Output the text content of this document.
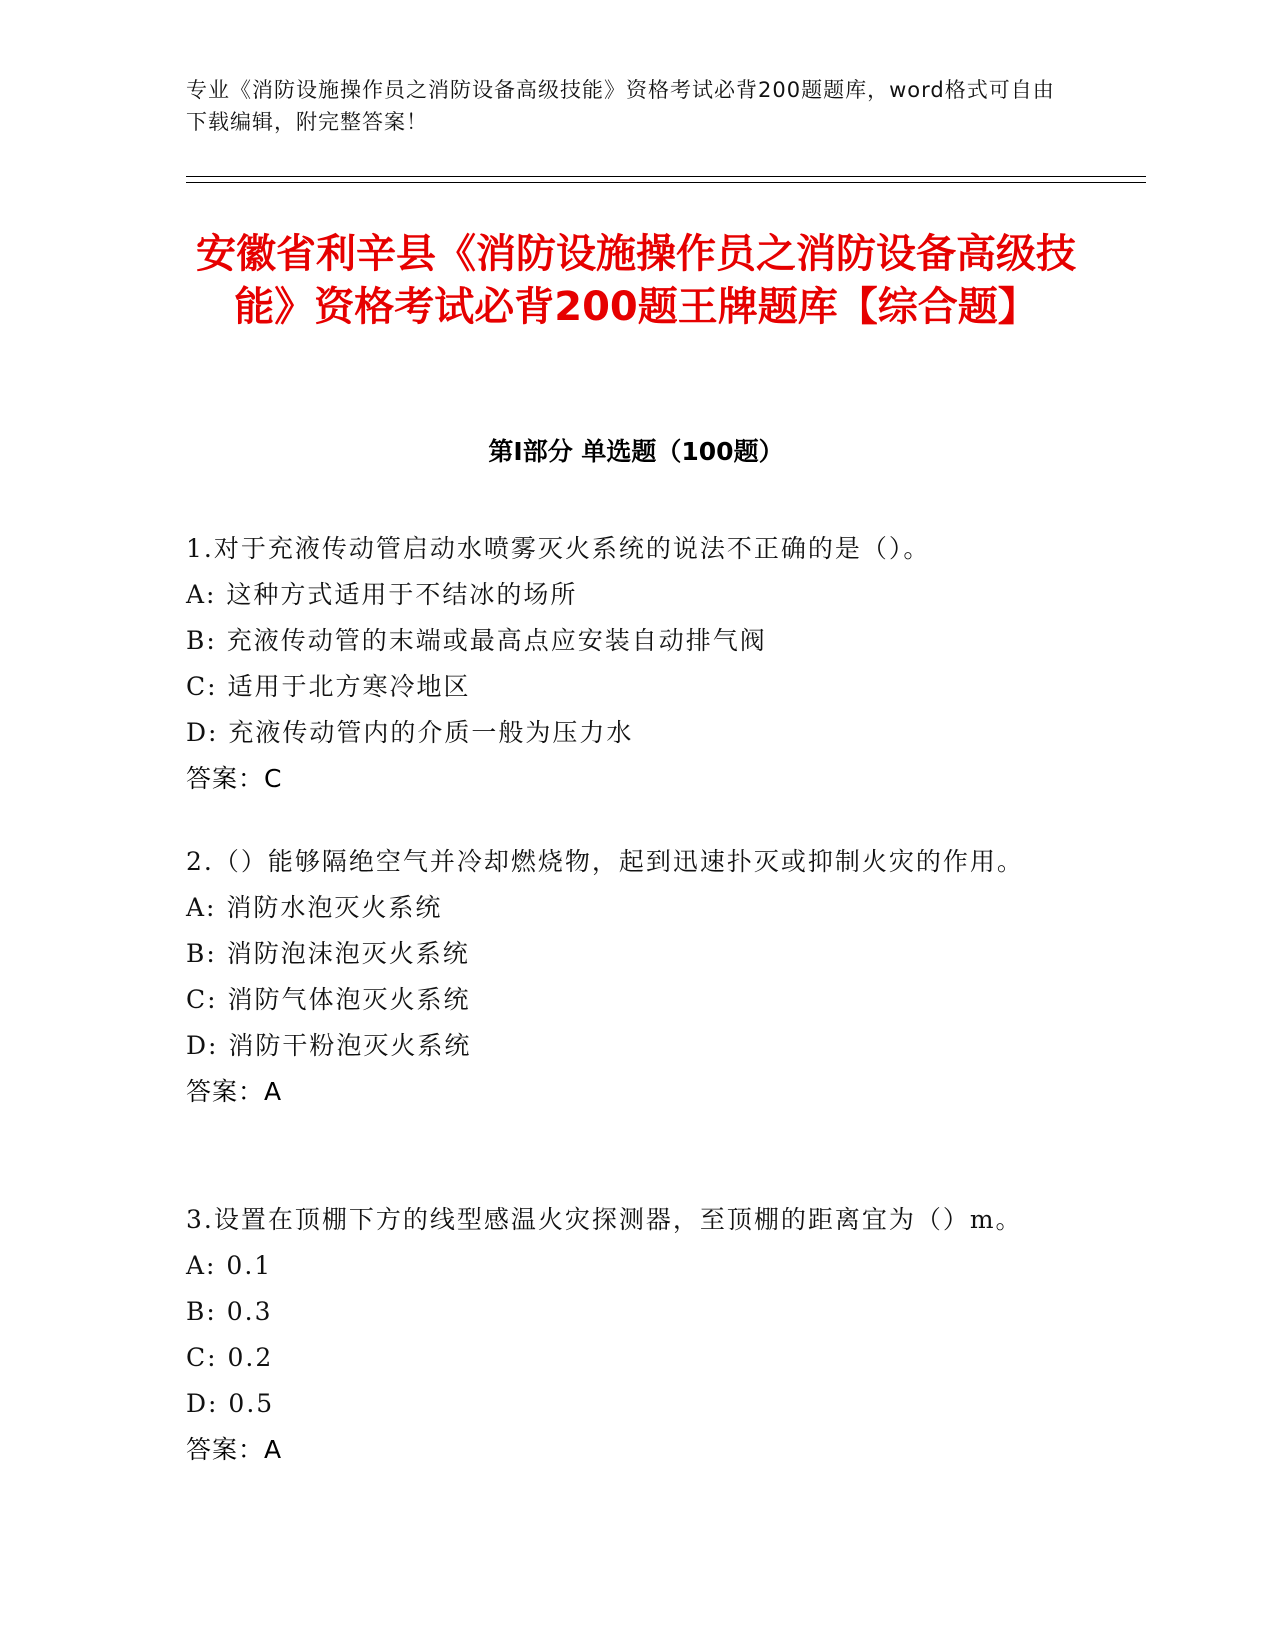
专业《消防设施操作员之消防设备高级技能》资格考试必背200题题库，word格式可自由下载编辑，附完整答案！
安徽省利辛县《消防设施操作员之消防设备高级技能》资格考试必背200题王牌题库【综合题】
第Ⅰ部分 单选题（100题）

1.对于充液传动管启动水喷雾灭火系统的说法不正确的是（）。

A: 这种方式适用于不结冰的场所

B: 充液传动管的末端或最高点应安装自动排气阀

C: 适用于北方寒冷地区

D: 充液传动管内的介质一般为压力水

答案：C

2.（）能够隔绝空气并冷却燃烧物，起到迅速扑灭或抑制火灾的作用。

A: 消防水泡灭火系统

B: 消防泡沫泡灭火系统

C: 消防气体泡灭火系统

D: 消防干粉泡灭火系统

答案：A

3.设置在顶棚下方的线型感温火灾探测器，至顶棚的距离宜为（）m。

A: 0.1

B: 0.3

C: 0.2

D: 0.5

答案：A
